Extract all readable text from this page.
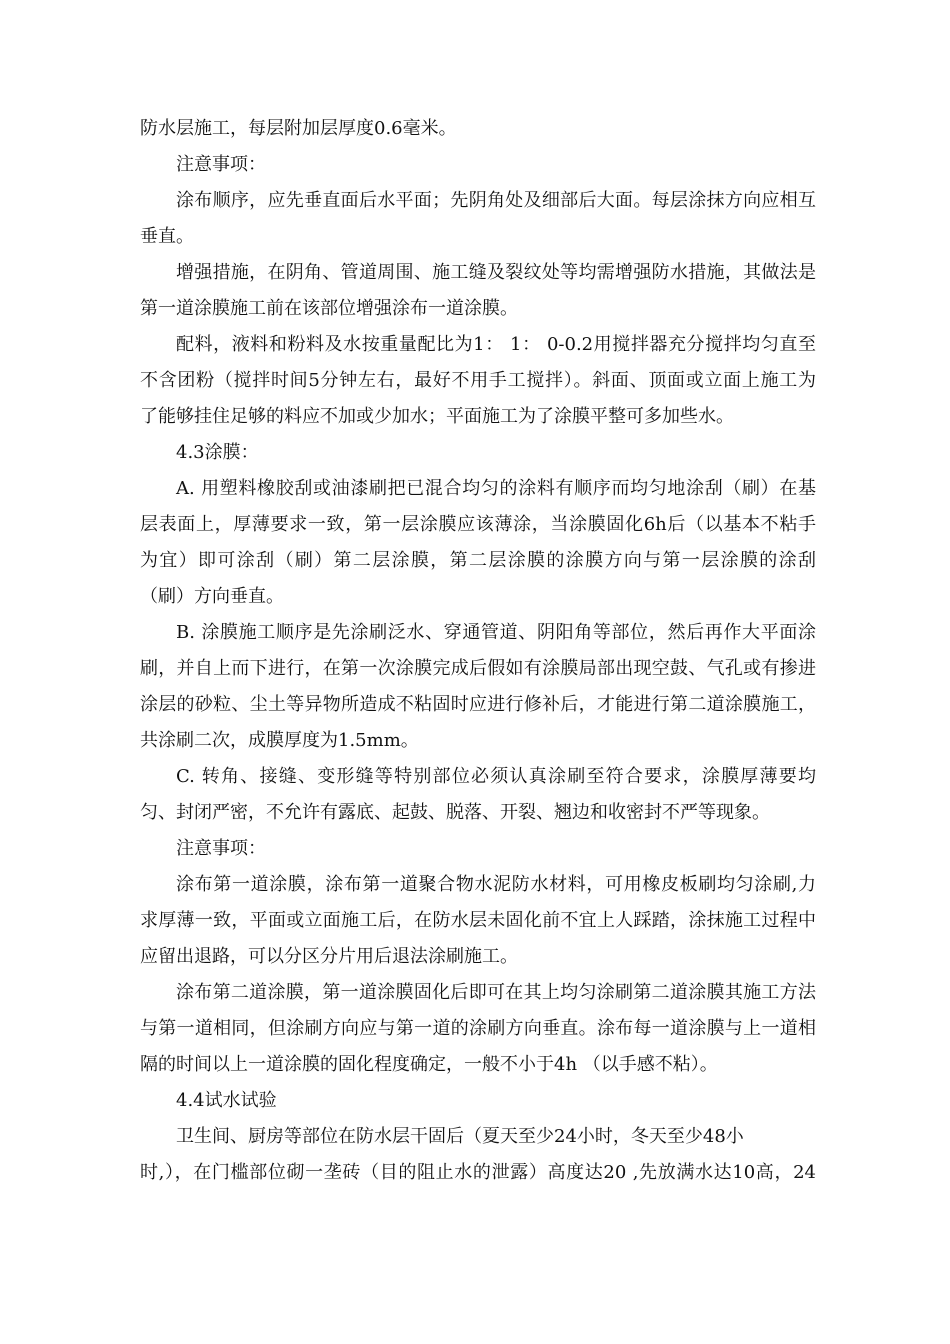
防水层施工，每层附加层厚度0.6毫米。
注意事项：
涂布顺序，应先垂直面后水平面；先阴角处及细部后大面。每层涂抹方向应相互
垂直。
增强措施，在阴角、管道周围、施工缝及裂纹处等均需增强防水措施，其做法是
第一道涂膜施工前在该部位增强涂布一道涂膜。
配料，液料和粉料及水按重量配比为1： 1： 0-0.2用搅拌器充分搅拌均匀直至
不含团粉（搅拌时间5分钟左右，最好不用手工搅拌）。斜面、顶面或立面上施工为
了能够挂住足够的料应不加或少加水；平面施工为了涂膜平整可多加些水。
4.3涂膜：
A. 用塑料橡胶刮或油漆刷把已混合均匀的涂料有顺序而均匀地涂刮（刷）在基
层表面上，厚薄要求一致，第一层涂膜应该薄涂，当涂膜固化6h后（以基本不粘手
为宜）即可涂刮（刷）第二层涂膜，第二层涂膜的涂膜方向与第一层涂膜的涂刮
（刷）方向垂直。
B. 涂膜施工顺序是先涂刷泛水、穿通管道、阴阳角等部位，然后再作大平面涂
刷，并自上而下进行，在第一次涂膜完成后假如有涂膜局部出现空鼓、气孔或有掺进
涂层的砂粒、尘土等异物所造成不粘固时应进行修补后，才能进行第二道涂膜施工，
共涂刷二次，成膜厚度为1.5mm。
C. 转角、接缝、变形缝等特别部位必须认真涂刷至符合要求，涂膜厚薄要均
匀、封闭严密，不允许有露底、起鼓、脱落、开裂、翘边和收密封不严等现象。
注意事项：
涂布第一道涂膜，涂布第一道聚合物水泥防水材料，可用橡皮板刷均匀涂刷,力
求厚薄一致，平面或立面施工后，在防水层未固化前不宜上人踩踏，涂抹施工过程中
应留出退路，可以分区分片用后退法涂刷施工。
涂布第二道涂膜，第一道涂膜固化后即可在其上均匀涂刷第二道涂膜其施工方法
与第一道相同，但涂刷方向应与第一道的涂刷方向垂直。涂布每一道涂膜与上一道相
隔的时间以上一道涂膜的固化程度确定，一般不小于4h （以手感不粘）。
4.4试水试验
卫生间、厨房等部位在防水层干固后（夏天至少24小时，冬天至少48小
时,），在门槛部位砌一垄砖（目的阻止水的泄露）高度达20 ,先放满水达10高，24
